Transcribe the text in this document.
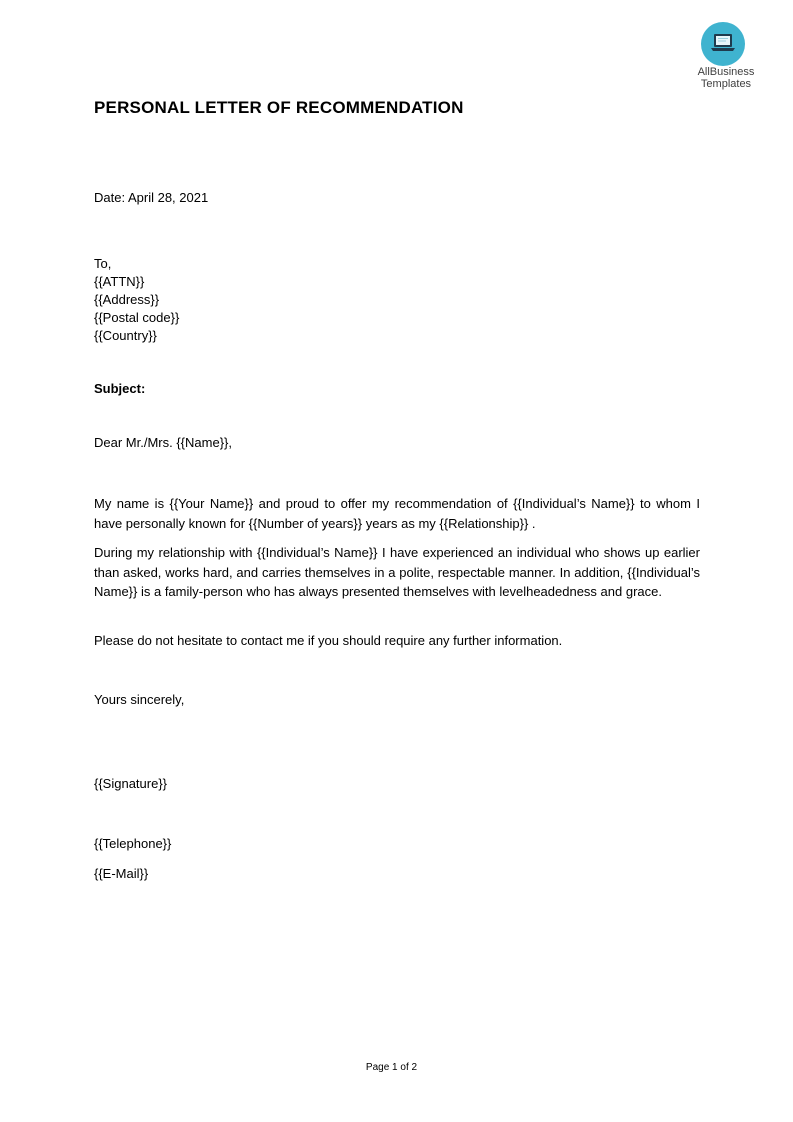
AllBusiness
Templates
PERSONAL LETTER OF RECOMMENDATION
Date: April 28, 2021
To,
{{ATTN}}
{{Address}}
{{Postal code}}
{{Country}}
Subject:
Dear Mr./Mrs. {{Name}},
My name is {{Your Name}} and proud to offer my recommendation of {{Individual’s Name}} to whom I have personally known for {{Number of years}} years as my {{Relationship}} .
During my relationship with {{Individual’s Name}} I have experienced an individual who shows up earlier than asked, works hard, and carries themselves in a polite, respectable manner. In addition, {{Individual’s Name}} is a family-person who has always presented themselves with levelheadedness and grace.
Please do not hesitate to contact me if you should require any further information.
Yours sincerely,
{{Signature}}
{{Telephone}}
{{E-Mail}}
Page 1 of 2
